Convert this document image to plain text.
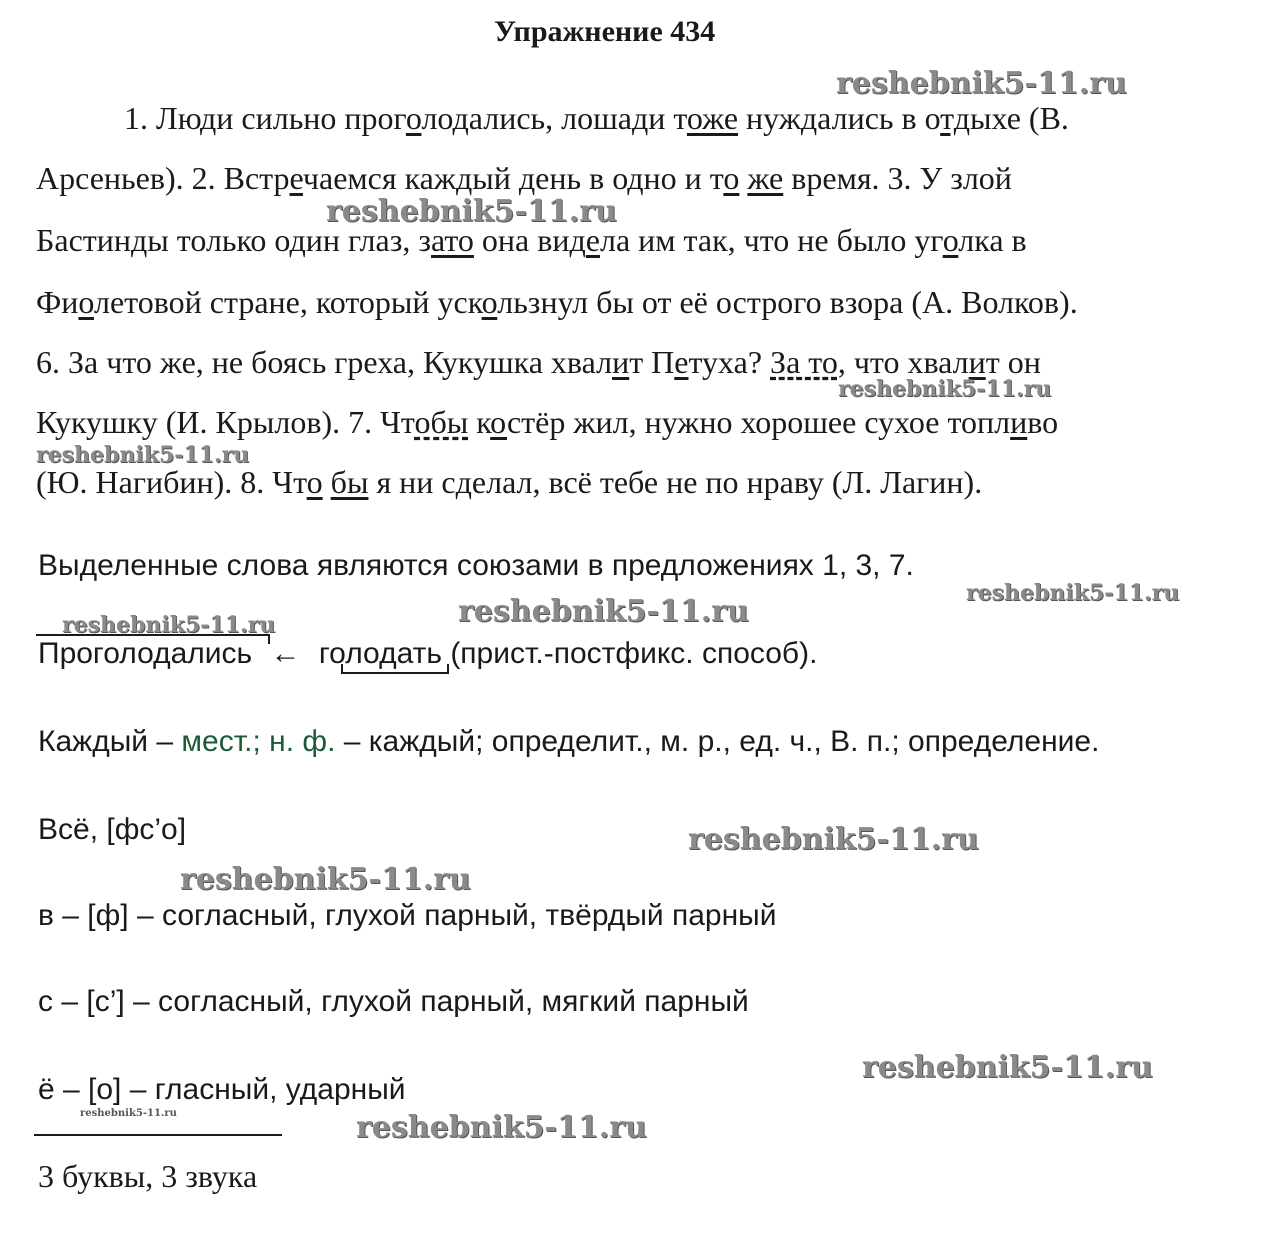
Упражнение 434
1. Люди сильно проголодались, лошади тоже нуждались в отдыхе (В.
Арсеньев). 2. Встречаемся каждый день в одно и то же время. 3. У злой
Бастинды только один глаз, зато она видела им так, что не было уголка в
Фиолетовой стране, который ускользнул бы от её острого взора (А. Волков).
6. За что же, не боясь греха, Кукушка хвалит Петуха? За то, что хвалит он
Кукушку (И. Крылов). 7. Чтобы костёр жил, нужно хорошее сухое топливо
(Ю. Нагибин). 8. Что бы я ни сделал, всё тебе не по нраву (Л. Лагин).
Выделенные слова являются союзами в предложениях 1, 3, 7.
Проголодались ← голодать (прист.-постфикс. способ).
Каждый – мест.; н. ф. – каждый; определит., м. р., ед. ч., В. п.; определение.
Всё, [фс’о]
в – [ф] – согласный, глухой парный, твёрдый парный
с – [с’] – согласный, глухой парный, мягкий парный
ё – [о] – гласный, ударный
3 буквы, 3 звука
reshebnik5-11.ru
reshebnik5-11.ru
reshebnik5-11.ru
reshebnik5-11.ru
reshebnik5-11.ru
reshebnik5-11.ru
reshebnik5-11.ru
reshebnik5-11.ru
reshebnik5-11.ru
reshebnik5-11.ru
reshebnik5-11.ru
reshebnik5-11.ru
